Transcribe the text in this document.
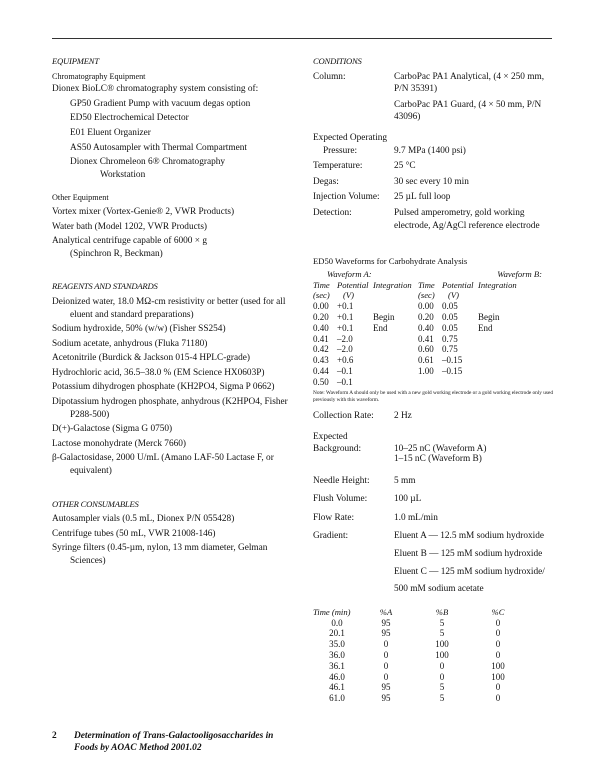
EQUIPMENT

Chromatography Equipment

Dionex BioLC® chromatography system consisting of:

GP50 Gradient Pump with vacuum degas option

ED50 Electrochemical Detector

E01 Eluent Organizer

AS50 Autosampler with Thermal Compartment

Dionex Chromeleon 6® Chromatography

Workstation

Other Equipment

Vortex mixer (Vortex-Genie® 2, VWR Products)

Water bath (Model 1202, VWR Products)

Analytical centrifuge capable of 6000 × g

(Spinchron R, Beckman)

REAGENTS AND STANDARDS

Deionized water, 18.0 MΩ-cm resistivity or better (used for all eluent and standard preparations)

Sodium hydroxide, 50% (w/w) (Fisher SS254)

Sodium acetate, anhydrous (Fluka 71180)

Acetonitrile (Burdick & Jackson 015-4 HPLC-grade)

Hydrochloric acid, 36.5–38.0 % (EM Science HX0603P)

Potassium dihydrogen phosphate (KH2PO4, Sigma P 0662)

Dipotassium hydrogen phosphate, anhydrous (K2HPO4, Fisher P288-500)

D(+)-Galactose (Sigma G 0750)

Lactose monohydrate (Merck 7660)

β-Galactosidase, 2000 U/mL (Amano LAF-50 Lactase F, or equivalent)

OTHER CONSUMABLES

Autosampler vials (0.5 mL, Dionex P/N 055428)

Centrifuge tubes (50 mL, VWR 21008-146)

Syringe filters (0.45-µm, nylon, 13 mm diameter, Gelman Sciences)

CONDITIONS

Column:	CarboPac PA1 Analytical, (4 × 250 mm, P/N 35391)

CarboPac PA1 Guard, (4 × 50 mm, P/N 43096)

Expected Operating

Pressure:	9.7 MPa (1400 psi)
Temperature:	25 °C
Degas:	30 sec every 10 min
Injection Volume:	25 µL full loop
Detection:	Pulsed amperometry, gold working electrode, Ag/AgCl reference electrode

ED50 Waveforms for Carbohydrate Analysis

Waveform A:			Waveform B:		
Time	Potential	Integration	Time	Potential	Integration
(sec)	(V)		(sec)	(V)	
0.00	+0.1		0.00	0.05	
0.20	+0.1	Begin	0.20	0.05	Begin
0.40	+0.1	End	0.40	0.05	End
0.41	–2.0		0.41	0.75	
0.42	–2.0		0.60	0.75	
0.43	+0.6		0.61	–0.15	
0.44	–0.1		1.00	–0.15	
0.50	–0.1				

Note: Waveform A should only be used with a new gold working electrode or a gold working electrode only used previously with this waveform.

Collection Rate:	2 Hz

Expected

Background:	10–25 nC (Waveform A)

1–15 nC (Waveform B)

Needle Height:	5 mm
Flush Volume:	100 µL
Flow Rate:	1.0 mL/min
Gradient:	Eluent A — 12.5 mM sodium hydroxide

Eluent B — 125 mM sodium hydroxide

Eluent C — 125 mM sodium hydroxide/

500 mM sodium acetate

Time (min)	%A	%B	%C
0.0	95	5	0
20.1	95	5	0
35.0	0	100	0
36.0	0	100	0
36.1	0	0	100
46.0	0	0	100
46.1	95	5	0
61.0	95	5	0
2	Determination of Trans-Galactooligosaccharides in
Foods by AOAC Method 2001.02
